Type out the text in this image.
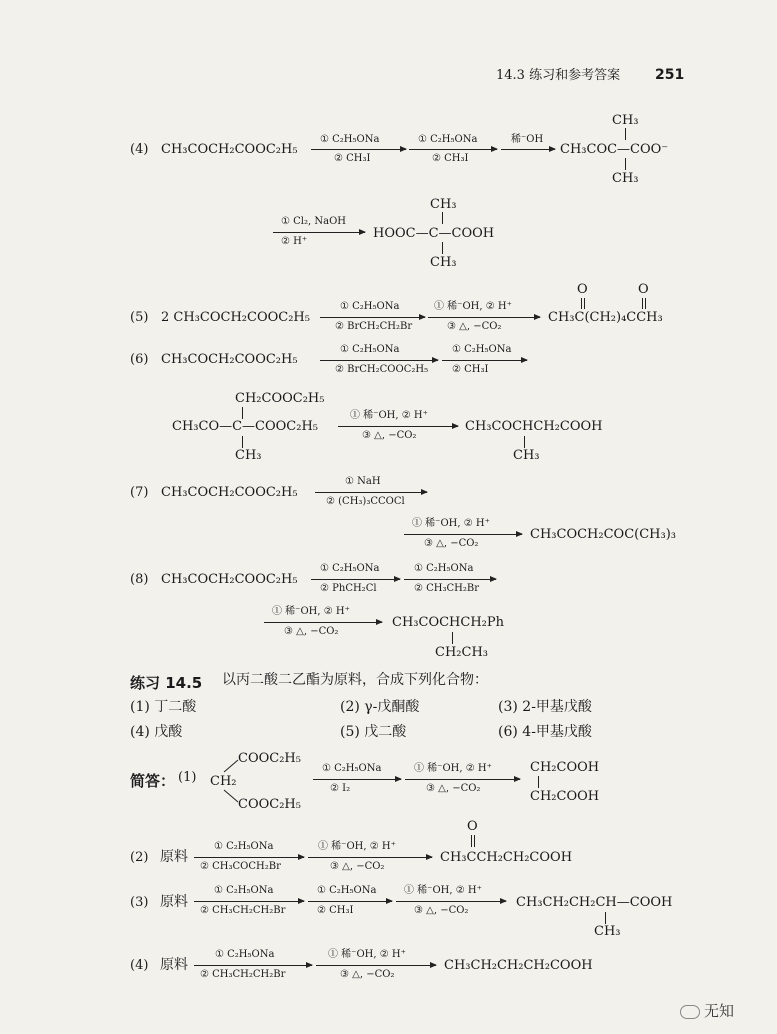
14.3 练习和参考答案 251
(4) CH₃COCH₂COOC₂H₅
① C₂H₅ONa
② CH₃I
① C₂H₅ONa
② CH₃I
稀⁻OH
CH₃
CH₃COC—COO⁻
CH₃
① Cl₂, NaOH
② H⁺
CH₃
HOOC—C—COOH
CH₃
(5) 2 CH₃COCH₂COOC₂H₅
① C₂H₅ONa
② BrCH₂CH₂Br
① 稀⁻OH, ② H⁺
③ △, −CO₂
O	O
CH₃C(CH₂)₄CCH₃
(6) CH₃COCH₂COOC₂H₅
① C₂H₅ONa
② BrCH₂COOC₂H₅
① C₂H₅ONa
② CH₃I
CH₂COOC₂H₅
CH₃CO—C—COOC₂H₅
CH₃
① 稀⁻OH, ② H⁺
③ △, −CO₂
CH₃COCHCH₂COOH
CH₃
(7) CH₃COCH₂COOC₂H₅
① NaH
② (CH₃)₃CCOCl
① 稀⁻OH, ② H⁺
③ △, −CO₂
CH₃COCH₂COC(CH₃)₃
(8) CH₃COCH₂COOC₂H₅
① C₂H₅ONa
② PhCH₂Cl
① C₂H₅ONa
② CH₃CH₂Br
① 稀⁻OH, ② H⁺
③ △, −CO₂
CH₃COCHCH₂Ph
CH₂CH₃
练习 14.5 以丙二酸二乙酯为原料，合成下列化合物：
(1) 丁二酸	(2) γ-戊酮酸	(3) 2-甲基戊酸
(4) 戊酸	(5) 戊二酸	(6) 4-甲基戊酸
简答： (1)
COOC₂H₅
CH₂
COOC₂H₅
① C₂H₅ONa
② I₂
① 稀⁻OH, ② H⁺
③ △, −CO₂
CH₂COOH
CH₂COOH
(2) 原料
① C₂H₅ONa
② CH₃COCH₂Br
① 稀⁻OH, ② H⁺
③ △, −CO₂
O
CH₃CCH₂CH₂COOH
(3) 原料
① C₂H₅ONa
② CH₃CH₂CH₂Br
① C₂H₅ONa
② CH₃I
① 稀⁻OH, ② H⁺
③ △, −CO₂
CH₃CH₂CH₂CH—COOH
CH₃
(4) 原料
① C₂H₅ONa
② CH₃CH₂CH₂Br
① 稀⁻OH, ② H⁺
③ △, −CO₂
CH₃CH₂CH₂CH₂COOH
无知
